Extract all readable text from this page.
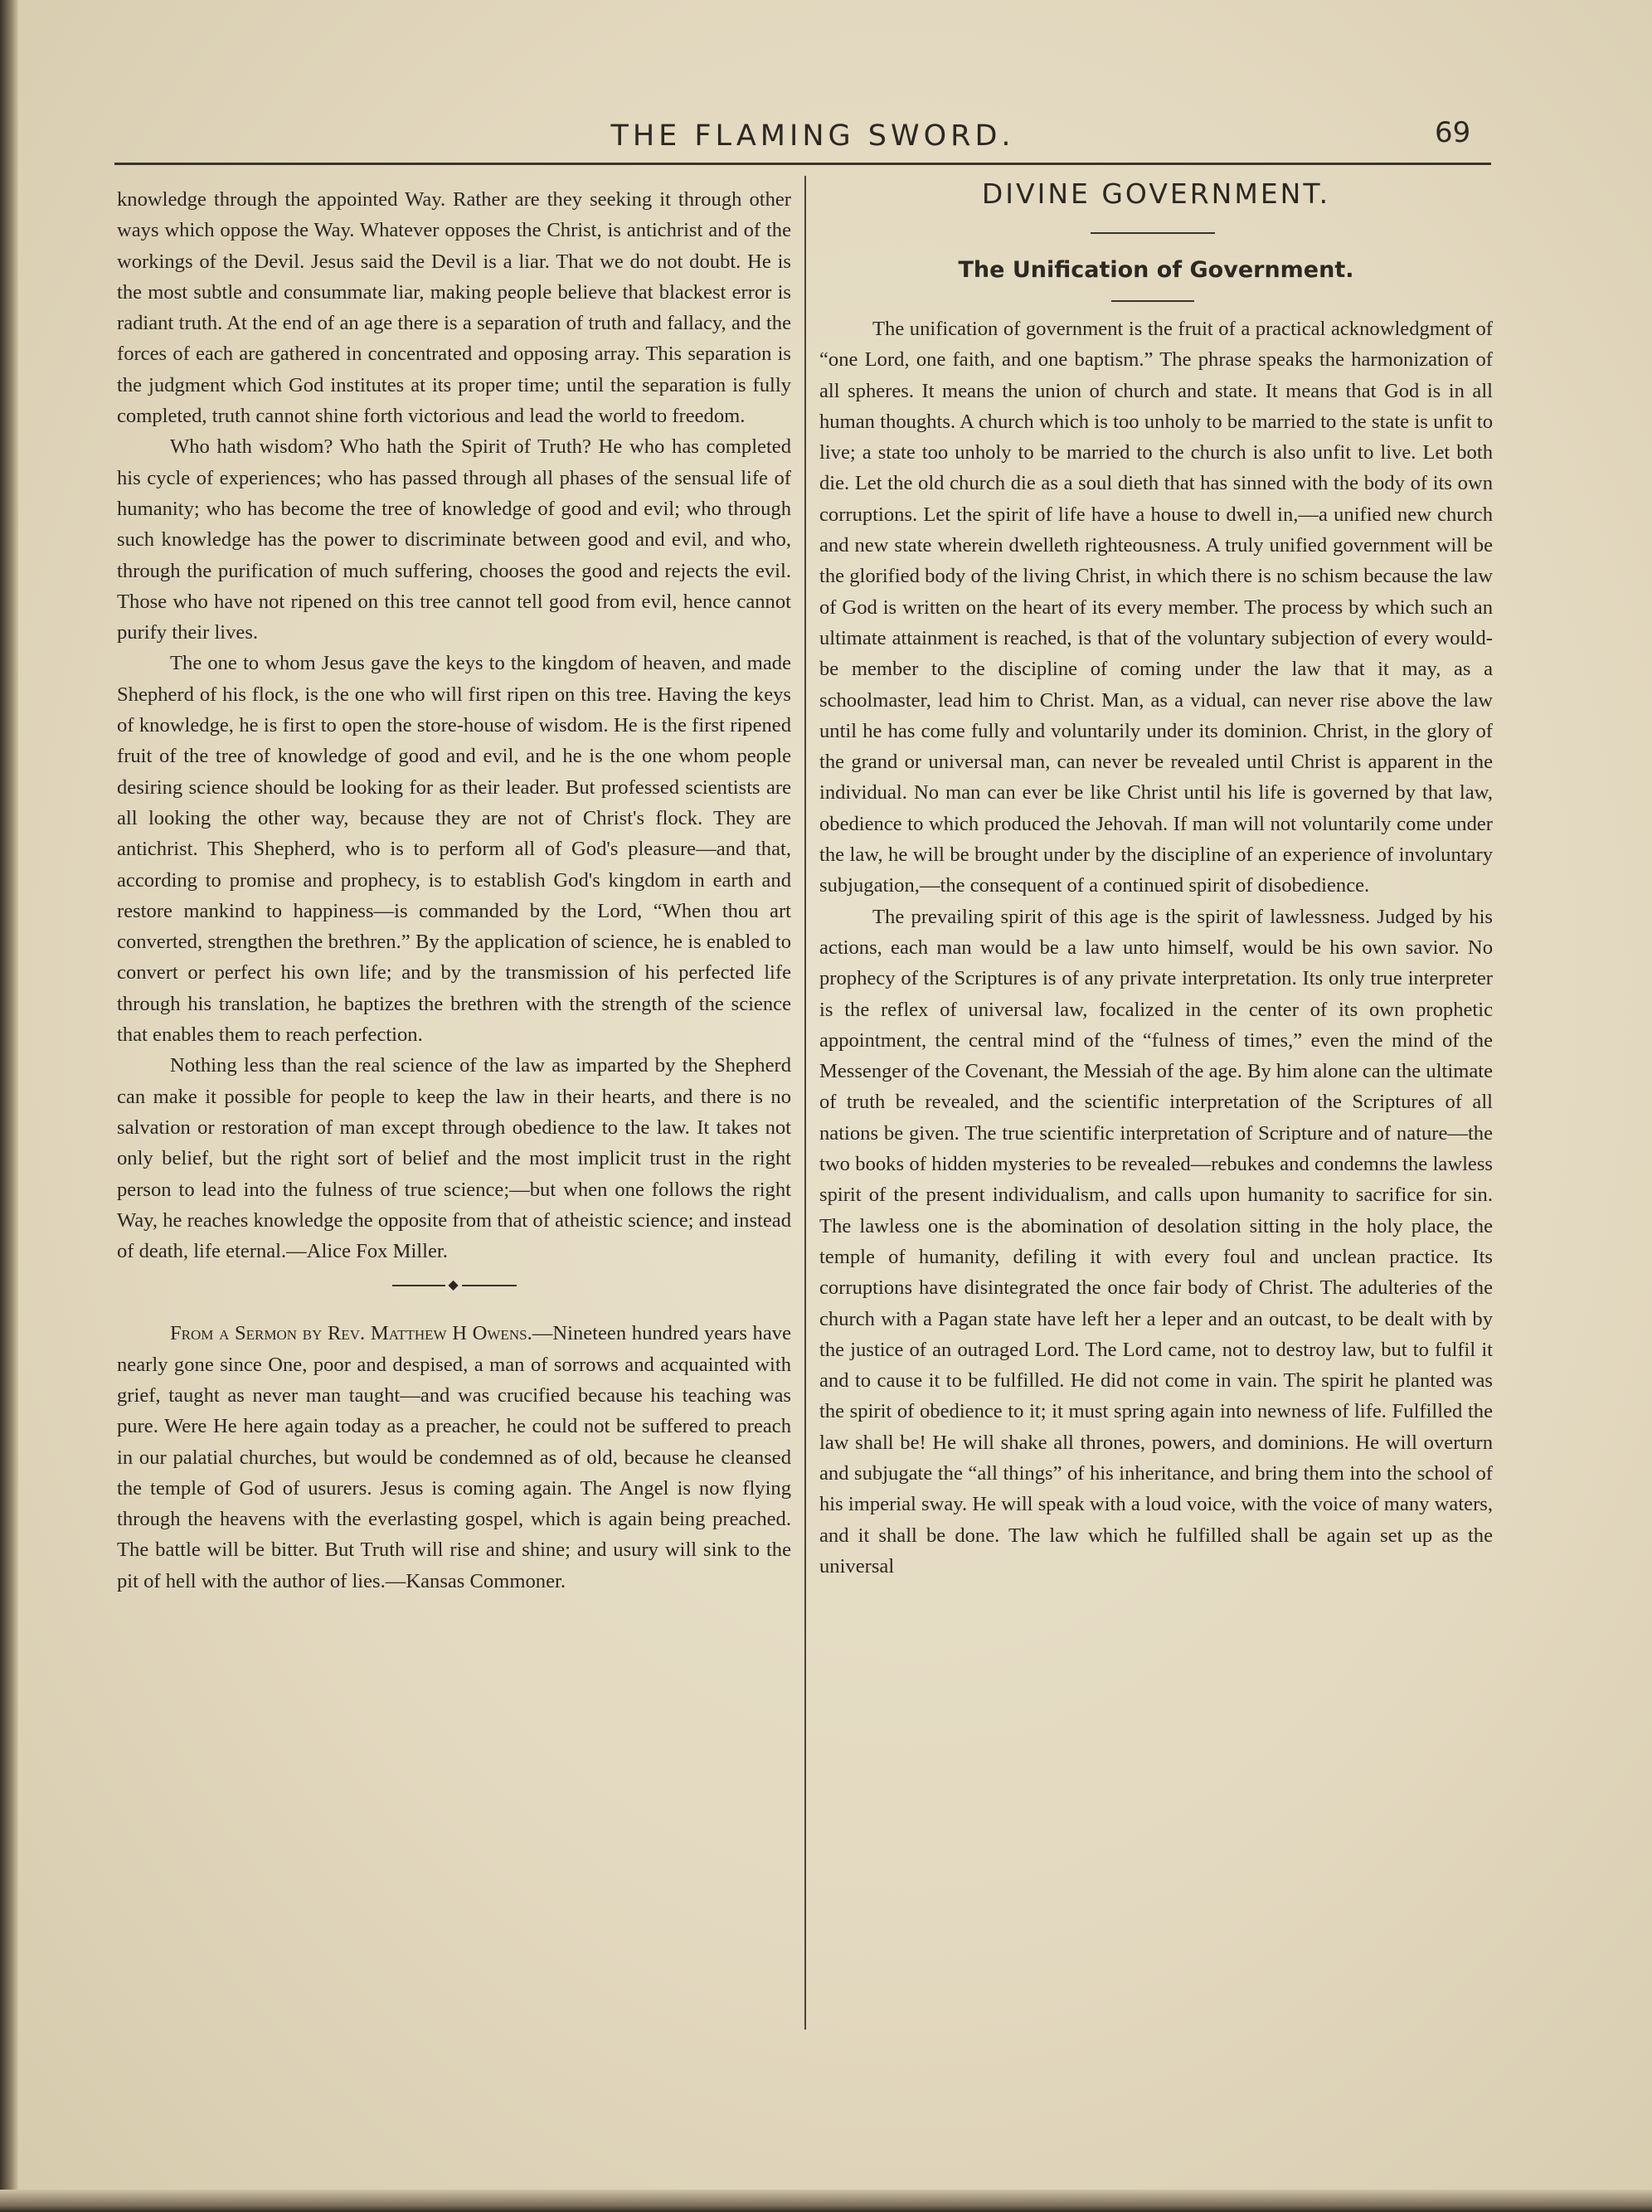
THE FLAMING SWORD.	69

knowledge through the appointed Way. Rather are they seeking it through other ways which oppose the Way. Whatever opposes the Christ, is antichrist and of the workings of the Devil. Jesus said the Devil is a liar. That we do not doubt. He is the most subtle and consummate liar, making people believe that blackest error is radiant truth. At the end of an age there is a separation of truth and fallacy, and the forces of each are gathered in concentrated and opposing array. This separation is the judgment which God institutes at its proper time; until the separation is fully completed, truth cannot shine forth victorious and lead the world to freedom.

Who hath wisdom? Who hath the Spirit of Truth? He who has completed his cycle of experiences; who has passed through all phases of the sensual life of humanity; who has become the tree of knowledge of good and evil; who through such knowledge has the power to discriminate between good and evil, and who, through the purification of much suffering, chooses the good and rejects the evil. Those who have not ripened on this tree cannot tell good from evil, hence cannot purify their lives.

The one to whom Jesus gave the keys to the kingdom of heaven, and made Shepherd of his flock, is the one who will first ripen on this tree. Having the keys of knowledge, he is first to open the store-house of wisdom. He is the first ripened fruit of the tree of knowledge of good and evil, and he is the one whom people desiring science should be looking for as their leader. But professed scientists are all looking the other way, because they are not of Christ's flock. They are antichrist. This Shepherd, who is to perform all of God's pleasure—and that, according to promise and prophecy, is to establish God's kingdom in earth and restore mankind to happiness—is commanded by the Lord, “When thou art converted, strengthen the brethren.” By the application of science, he is enabled to convert or perfect his own life; and by the transmission of his perfected life through his translation, he baptizes the brethren with the strength of the science that enables them to reach perfection.

Nothing less than the real science of the law as imparted by the Shepherd can make it possible for people to keep the law in their hearts, and there is no salvation or restoration of man except through obedience to the law. It takes not only belief, but the right sort of belief and the most implicit trust in the right person to lead into the fulness of true science;—but when one follows the right Way, he reaches knowledge the opposite from that of atheistic science; and instead of death, life eternal.—Alice Fox Miller.

◆

From a Sermon by Rev. Matthew H Owens.—Nineteen hundred years have nearly gone since One, poor and despised, a man of sorrows and acquainted with grief, taught as never man taught—and was crucified because his teaching was pure. Were He here again today as a preacher, he could not be suffered to preach in our palatial churches, but would be condemned as of old, because he cleansed the temple of God of usurers. Jesus is coming again. The Angel is now flying through the heavens with the everlasting gospel, which is again being preached. The battle will be bitter. But Truth will rise and shine; and usury will sink to the pit of hell with the author of lies.—Kansas Commoner.

DIVINE GOVERNMENT.
The Unification of Government.

The unification of government is the fruit of a practical acknowledgment of “one Lord, one faith, and one baptism.” The phrase speaks the harmonization of all spheres. It means the union of church and state. It means that God is in all human thoughts. A church which is too unholy to be married to the state is unfit to live; a state too unholy to be married to the church is also unfit to live. Let both die. Let the old church die as a soul dieth that has sinned with the body of its own corruptions. Let the spirit of life have a house to dwell in,—a unified new church and new state wherein dwelleth righteousness. A truly unified government will be the glorified body of the living Christ, in which there is no schism because the law of God is written on the heart of its every member. The process by which such an ultimate attainment is reached, is that of the voluntary subjection of every would-be member to the discipline of coming under the law that it may, as a schoolmaster, lead him to Christ. Man, as a vidual, can never rise above the law until he has come fully and voluntarily under its dominion. Christ, in the glory of the grand or universal man, can never be revealed until Christ is apparent in the individual. No man can ever be like Christ until his life is governed by that law, obedience to which produced the Jehovah. If man will not voluntarily come under the law, he will be brought under by the discipline of an experience of involuntary subjugation,—the consequent of a continued spirit of disobedience.

The prevailing spirit of this age is the spirit of lawlessness. Judged by his actions, each man would be a law unto himself, would be his own savior. No prophecy of the Scriptures is of any private interpretation. Its only true interpreter is the reflex of universal law, focalized in the center of its own prophetic appointment, the central mind of the “fulness of times,” even the mind of the Messenger of the Covenant, the Messiah of the age. By him alone can the ultimate of truth be revealed, and the scientific interpretation of the Scriptures of all nations be given. The true scientific interpretation of Scripture and of nature—the two books of hidden mysteries to be revealed—rebukes and condemns the lawless spirit of the present individualism, and calls upon humanity to sacrifice for sin. The lawless one is the abomination of desolation sitting in the holy place, the temple of humanity, defiling it with every foul and unclean practice. Its corruptions have disintegrated the once fair body of Christ. The adulteries of the church with a Pagan state have left her a leper and an outcast, to be dealt with by the justice of an outraged Lord. The Lord came, not to destroy law, but to fulfil it and to cause it to be fulfilled. He did not come in vain. The spirit he planted was the spirit of obedience to it; it must spring again into newness of life. Fulfilled the law shall be! He will shake all thrones, powers, and dominions. He will overturn and subjugate the “all things” of his inheritance, and bring them into the school of his imperial sway. He will speak with a loud voice, with the voice of many waters, and it shall be done. The law which he fulfilled shall be again set up as the universal
